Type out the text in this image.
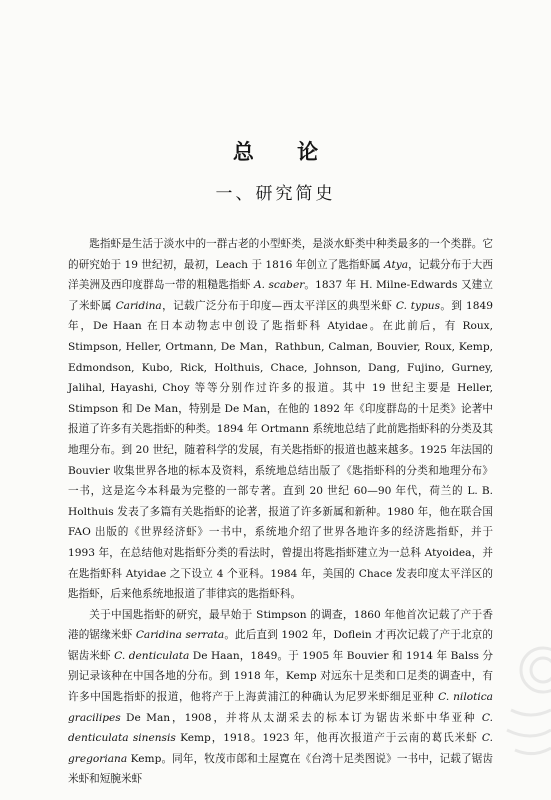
总 论
一、研究简史

匙指虾是生活于淡水中的一群古老的小型虾类，是淡水虾类中种类最多的一个类群。它的研究始于 19 世纪初，最初，Leach 于 1816 年创立了匙指虾属 Atya，记载分布于大西洋美洲及西印度群岛一带的粗糙匙指虾 A. scaber。1837 年 H. Milne-Edwards 又建立了米虾属 Caridina，记载广泛分布于印度—西太平洋区的典型米虾 C. typus。到 1849 年，De Haan 在日本动物志中创设了匙指虾科 Atyidae。在此前后，有 Roux, Stimpson, Heller, Ortmann, De Man，Rathbun, Calman, Bouvier, Roux, Kemp, Edmondson, Kubo, Rick, Holthuis, Chace, Johnson, Dang, Fujino, Gurney, Jalihal, Hayashi, Choy 等等分别作过许多的报道。其中 19 世纪主要是 Heller, Stimpson 和 De Man，特别是 De Man，在他的 1892 年《印度群岛的十足类》论著中报道了许多有关匙指虾的种类。1894 年 Ortmann 系统地总结了此前匙指虾科的分类及其地理分布。到 20 世纪，随着科学的发展，有关匙指虾的报道也越来越多。1925 年法国的 Bouvier 收集世界各地的标本及资料，系统地总结出版了《匙指虾科的分类和地理分布》一书，这是迄今本科最为完整的一部专著。直到 20 世纪 60—90 年代，荷兰的 L. B. Holthuis 发表了多篇有关匙指虾的论著，报道了许多新属和新种。1980 年，他在联合国 FAO 出版的《世界经济虾》一书中，系统地介绍了世界各地许多的经济匙指虾，并于 1993 年，在总结他对匙指虾分类的看法时，曾提出将匙指虾建立为一总科 Atyoidea，并在匙指虾科 Atyidae 之下设立 4 个亚科。1984 年，美国的 Chace 发表印度太平洋区的匙指虾，后来他系统地报道了菲律宾的匙指虾科。

关于中国匙指虾的研究，最早始于 Stimpson 的调查，1860 年他首次记载了产于香港的锯缘米虾 Caridina serrata。此后直到 1902 年，Doflein 才再次记载了产于北京的锯齿米虾 C. denticulata De Haan，1849。于 1905 年 Bouvier 和 1914 年 Balss 分别记录该种在中国各地的分布。到 1918 年，Kemp 对远东十足类和口足类的调查中，有许多中国匙指虾的报道，他将产于上海黄浦江的种确认为尼罗米虾细足亚种 C. nilotica gracilipes De Man，1908，并将从太湖采去的标本订为锯齿米虾中华亚种 C. denticulata sinensis Kemp，1918。1923 年，他再次报道产于云南的葛氏米虾 C. gregoriana Kemp。同年，牧茂市郎和土屋寛在《台湾十足类图说》一书中，记载了锯齿米虾和短腕米虾
